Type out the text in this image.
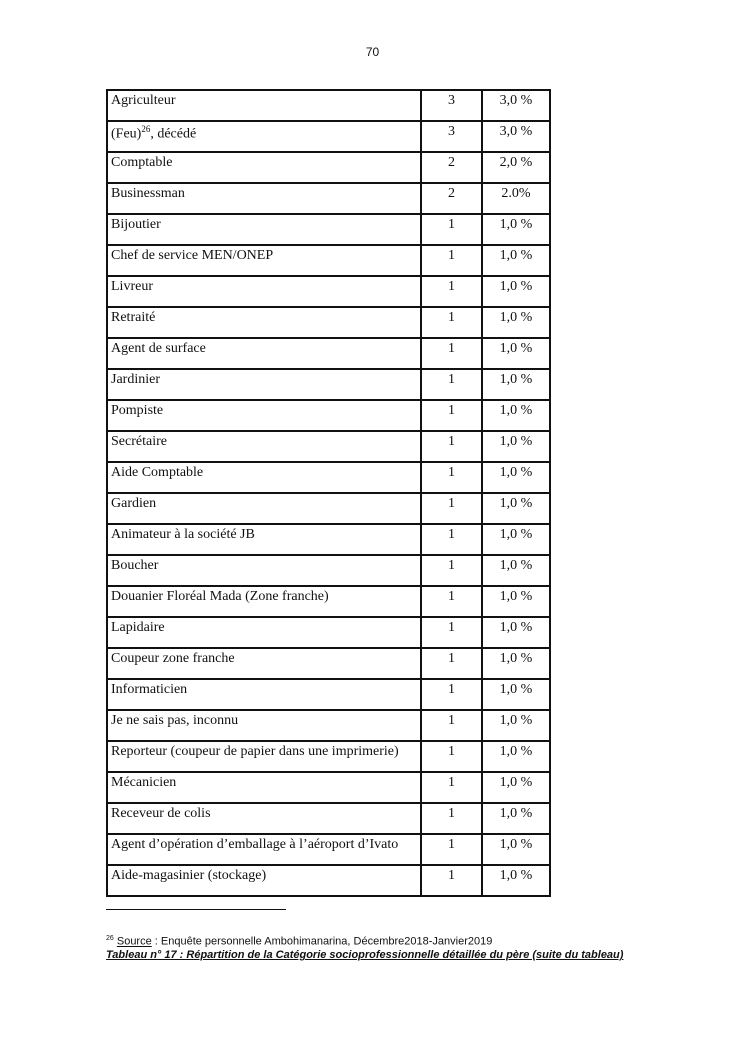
70
Agriculteur	3	3,0 %
(Feu)$^{26}$, décédé	3	3,0 %
Comptable	2	2,0 %
Businessman	2	2.0%
Bijoutier	1	1,0 %
Chef de service MEN/ONEP	1	1,0 %
Livreur	1	1,0 %
Retraité	1	1,0 %
Agent de surface	1	1,0 %
Jardinier	1	1,0 %
Pompiste	1	1,0 %
Secrétaire	1	1,0 %
Aide Comptable	1	1,0 %
Gardien	1	1,0 %
Animateur à la société JB	1	1,0 %
Boucher	1	1,0 %
Douanier Floréal Mada (Zone franche)	1	1,0 %
Lapidaire	1	1,0 %
Coupeur zone franche	1	1,0 %
Informaticien	1	1,0 %
Je ne sais pas, inconnu	1	1,0 %
Reporteur (coupeur de papier dans une imprimerie)	1	1,0 %
Mécanicien	1	1,0 %
Receveur de colis	1	1,0 %
Agent d’opération d’emballage à l’aéroport d’Ivato	1	1,0 %
Aide-magasinier (stockage)	1	1,0 %
$^{26}$ Source : Enquête personnelle Ambohimanarina, Décembre2018-Janvier2019
Tableau n° 17 : Répartition de la Catégorie socioprofessionnelle détaillée du père (suite du tableau)
